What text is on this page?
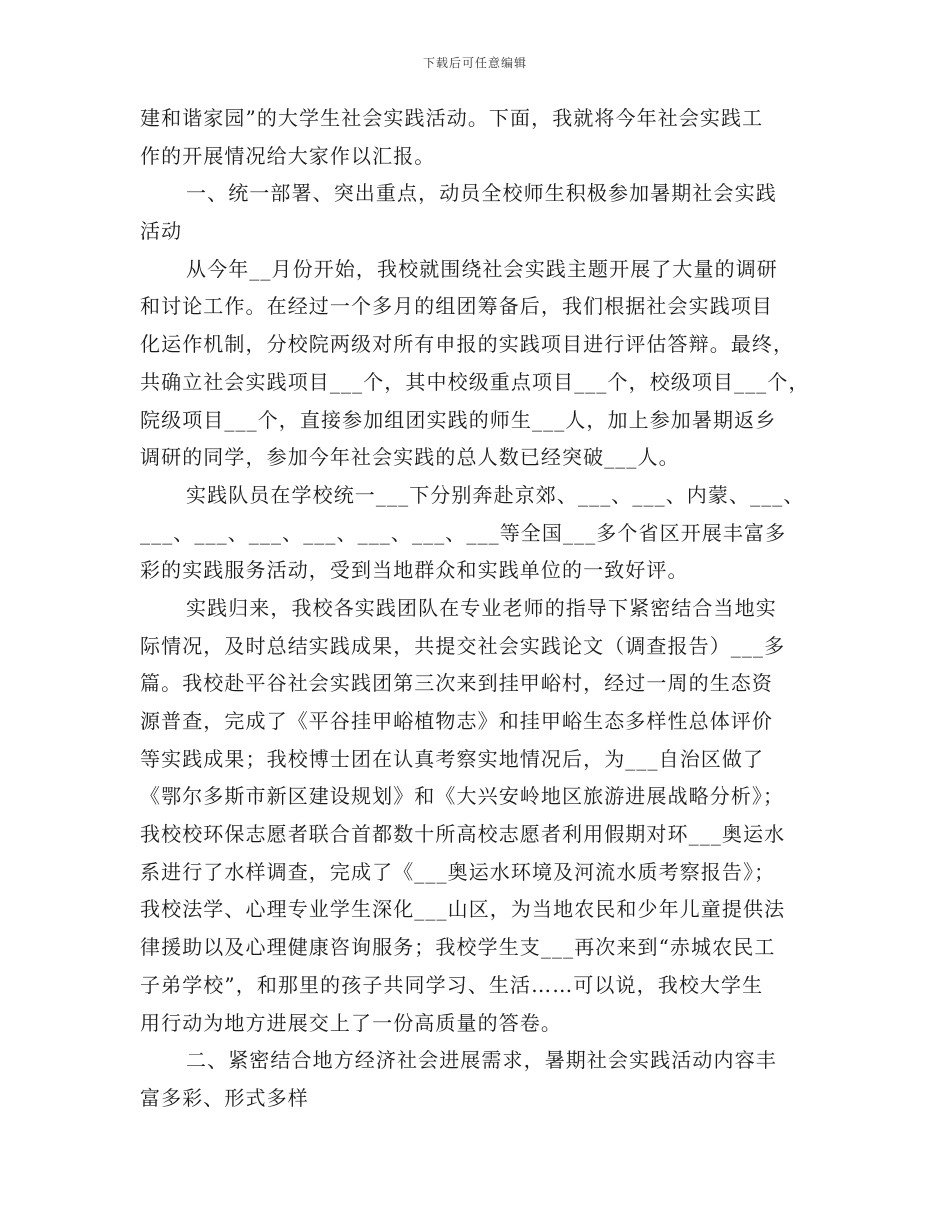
下载后可任意编辑
建和谐家园”的大学生社会实践活动。下面，我就将今年社会实践工
作的开展情况给大家作以汇报。
一、统一部署、突出重点，动员全校师生积极参加暑期社会实践
活动
从今年__月份开始，我校就围绕社会实践主题开展了大量的调研
和讨论工作。在经过一个多月的组团筹备后，我们根据社会实践项目
化运作机制，分校院两级对所有申报的实践项目进行评估答辩。最终，
共确立社会实践项目___个，其中校级重点项目___个，校级项目___个，
院级项目___个，直接参加组团实践的师生___人，加上参加暑期返乡
调研的同学，参加今年社会实践的总人数已经突破___人。
实践队员在学校统一___下分别奔赴京郊、___、___、内蒙、___、
___、___、___、___、___、___、___等全国___多个省区开展丰富多
彩的实践服务活动，受到当地群众和实践单位的一致好评。
实践归来，我校各实践团队在专业老师的指导下紧密结合当地实
际情况，及时总结实践成果，共提交社会实践论文（调查报告）___多
篇。我校赴平谷社会实践团第三次来到挂甲峪村，经过一周的生态资
源普查，完成了《平谷挂甲峪植物志》和挂甲峪生态多样性总体评价
等实践成果；我校博士团在认真考察实地情况后，为___自治区做了
《鄂尔多斯市新区建设规划》和《大兴安岭地区旅游进展战略分析》；
我校校环保志愿者联合首都数十所高校志愿者利用假期对环___奥运水
系进行了水样调查，完成了《___奥运水环境及河流水质考察报告》；
我校法学、心理专业学生深化___山区，为当地农民和少年儿童提供法
律援助以及心理健康咨询服务；我校学生支___再次来到“赤城农民工
子弟学校”，和那里的孩子共同学习、生活……可以说，我校大学生
用行动为地方进展交上了一份高质量的答卷。
二、紧密结合地方经济社会进展需求，暑期社会实践活动内容丰
富多彩、形式多样
